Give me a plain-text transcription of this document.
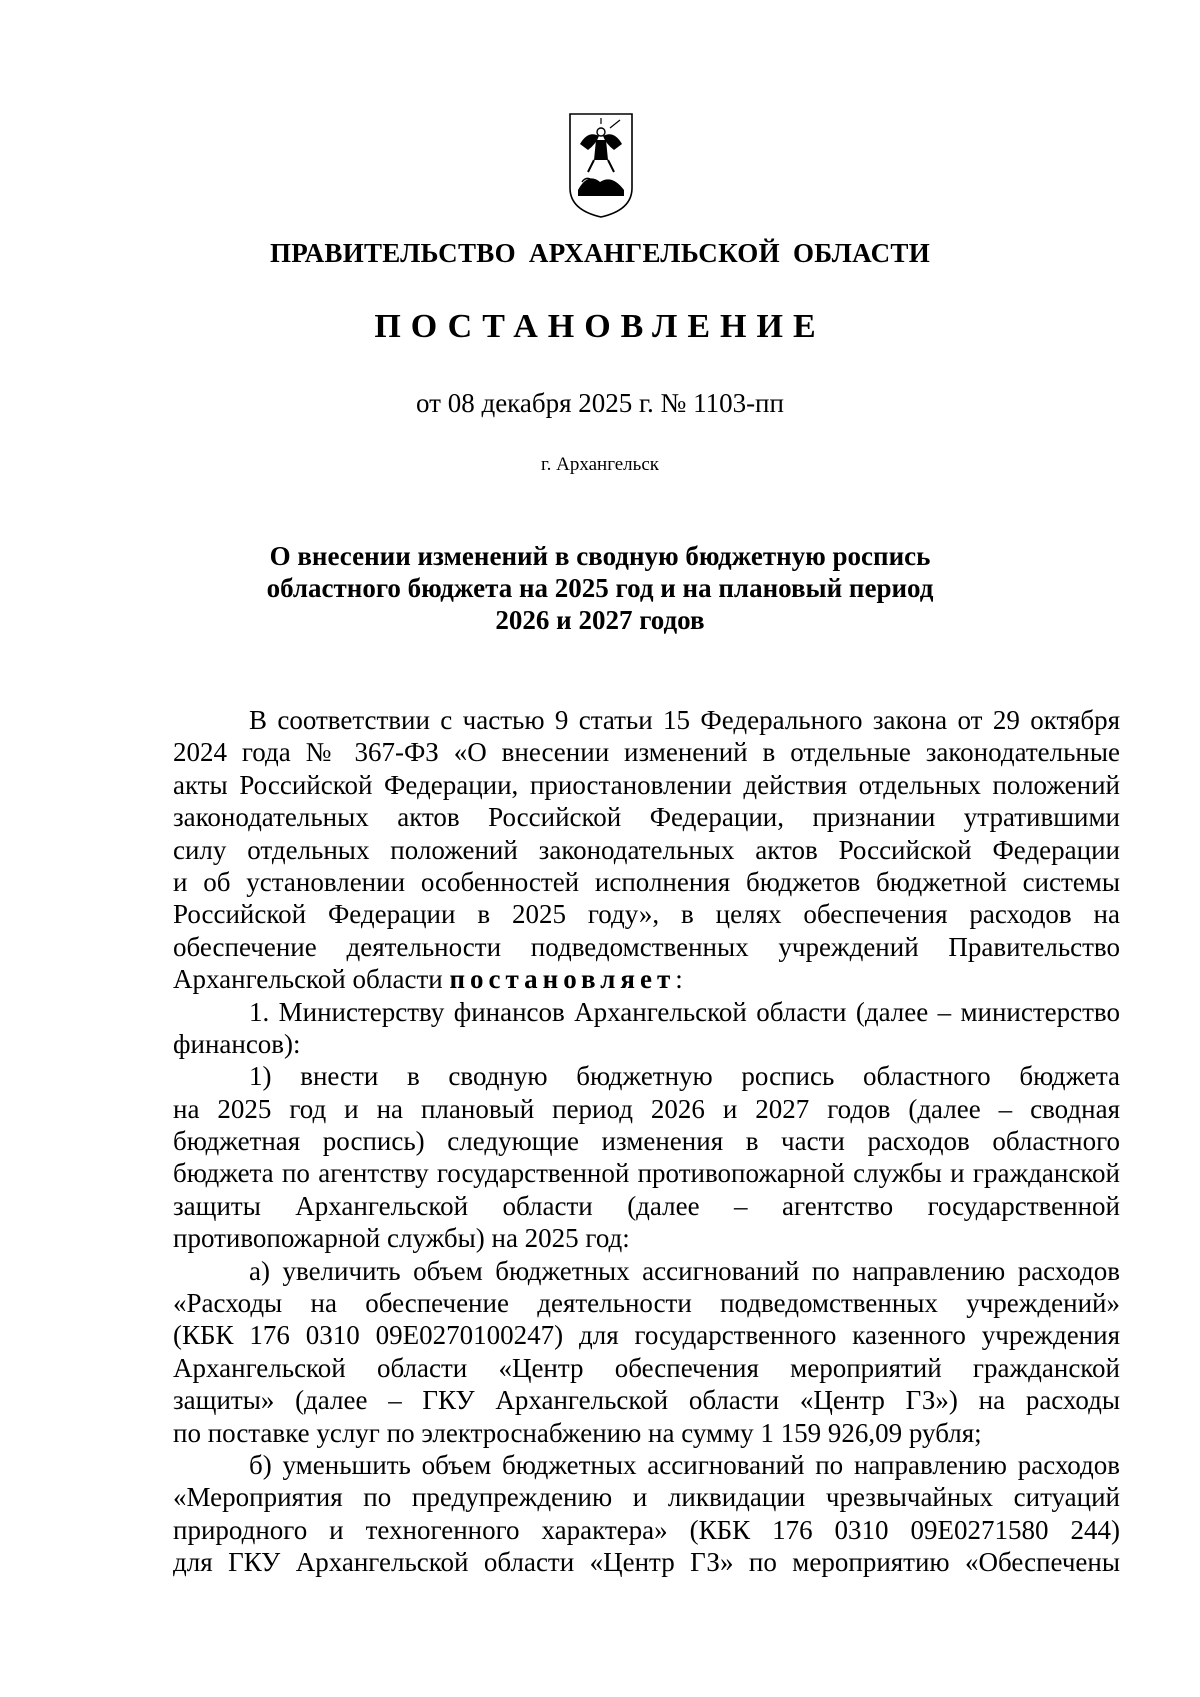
ПРАВИТЕЛЬСТВО АРХАНГЕЛЬСКОЙ ОБЛАСТИ
ПОСТАНОВЛЕНИЕ
от 08 декабря 2025 г. № 1103-пп
г. Архангельск
О внесении изменений в сводную бюджетную роспись
областного бюджета на 2025 год и на плановый период
2026 и 2027 годов
В соответствии с частью 9 статьи 15 Федерального закона от 29 октября
2024 года № 367-ФЗ «О внесении изменений в отдельные законодательные
акты Российской Федерации, приостановлении действия отдельных положений
законодательных актов Российской Федерации, признании утратившими
силу отдельных положений законодательных актов Российской Федерации
и об установлении особенностей исполнения бюджетов бюджетной системы
Российской Федерации в 2025 году», в целях обеспечения расходов на
обеспечение деятельности подведомственных учреждений Правительство
Архангельской области постановляет:
1. Министерству финансов Архангельской области (далее – министерство
финансов):
1) внести в сводную бюджетную роспись областного бюджета
на 2025 год и на плановый период 2026 и 2027 годов (далее – сводная
бюджетная роспись) следующие изменения в части расходов областного
бюджета по агентству государственной противопожарной службы и гражданской
защиты Архангельской области (далее – агентство государственной
противопожарной службы) на 2025 год:
а) увеличить объем бюджетных ассигнований по направлению расходов
«Расходы на обеспечение деятельности подведомственных учреждений»
(КБК 176 0310 09Е0270100247) для государственного казенного учреждения
Архангельской области «Центр обеспечения мероприятий гражданской
защиты» (далее – ГКУ Архангельской области «Центр ГЗ») на расходы
по поставке услуг по электроснабжению на сумму 1 159 926,09 рубля;
б) уменьшить объем бюджетных ассигнований по направлению расходов
«Мероприятия по предупреждению и ликвидации чрезвычайных ситуаций
природного и техногенного характера» (КБК 176 0310 09Е0271580 244)
для ГКУ Архангельской области «Центр ГЗ» по мероприятию «Обеспечены
